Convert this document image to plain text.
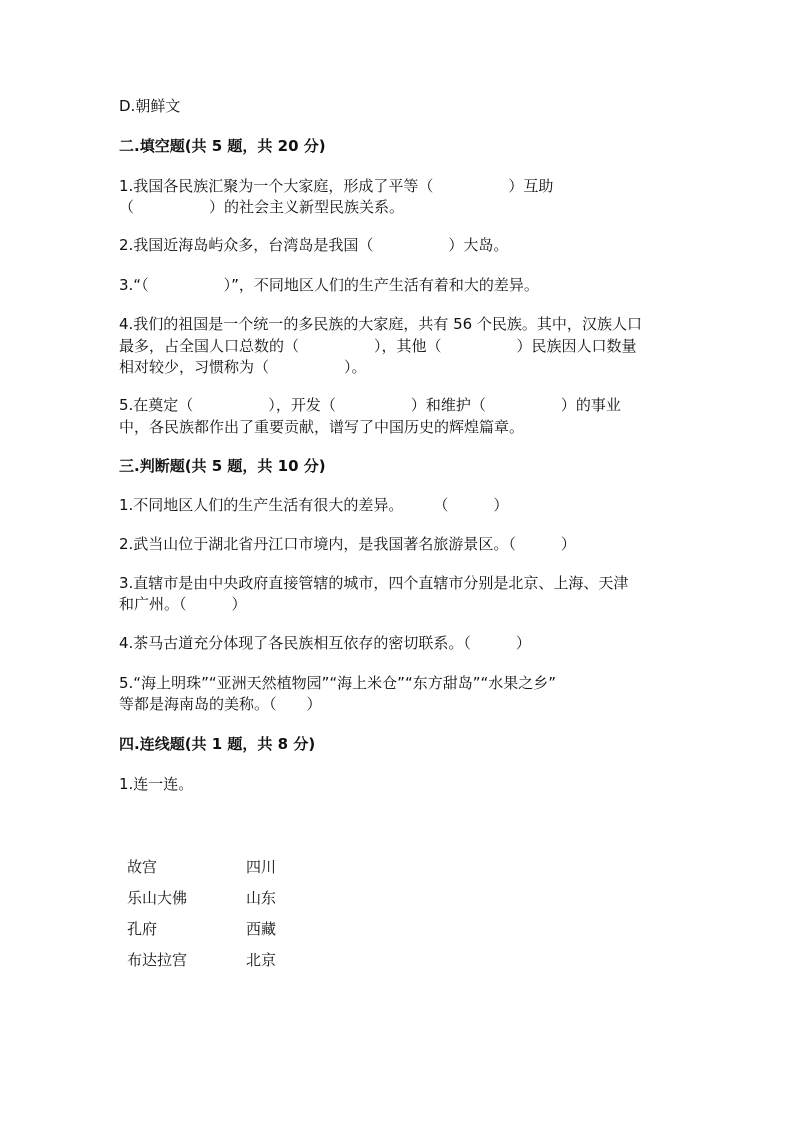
D.朝鲜文
二.填空题(共 5 题，共 20 分)
1.我国各民族汇聚为一个大家庭，形成了平等（　　　　　）互助
（　　　　　）的社会主义新型民族关系。
2.我国近海岛屿众多，台湾岛是我国（　　　　　）大岛。
3.“（　　　　　）”，不同地区人们的生产生活有着和大的差异。
4.我们的祖国是一个统一的多民族的大家庭，共有 56 个民族。其中，汉族人口
最多，占全国人口总数的（　　　　　），其他（　　　　　）民族因人口数量
相对较少，习惯称为（　　　　　）。
5.在奠定（　　　　　），开发（　　　　　）和维护（　　　　　）的事业
中，各民族都作出了重要贡献，谱写了中国历史的辉煌篇章。
三.判断题(共 5 题，共 10 分)
1.不同地区人们的生产生活有很大的差异。　　　（　　　）
2.武当山位于湖北省丹江口市境内，是我国著名旅游景区。（　　　）
3.直辖市是由中央政府直接管辖的城市，四个直辖市分别是北京、上海、天津
和广州。（　　　）
4.茶马古道充分体现了各民族相互依存的密切联系。（　　　）
5.“海上明珠”“亚洲天然植物园”“海上米仓”“东方甜岛”“水果之乡”
等都是海南岛的美称。（　　）
四.连线题(共 1 题，共 8 分)
1.连一连。
故宫
乐山大佛
孔府
布达拉宫
四川
山东
西藏
北京
